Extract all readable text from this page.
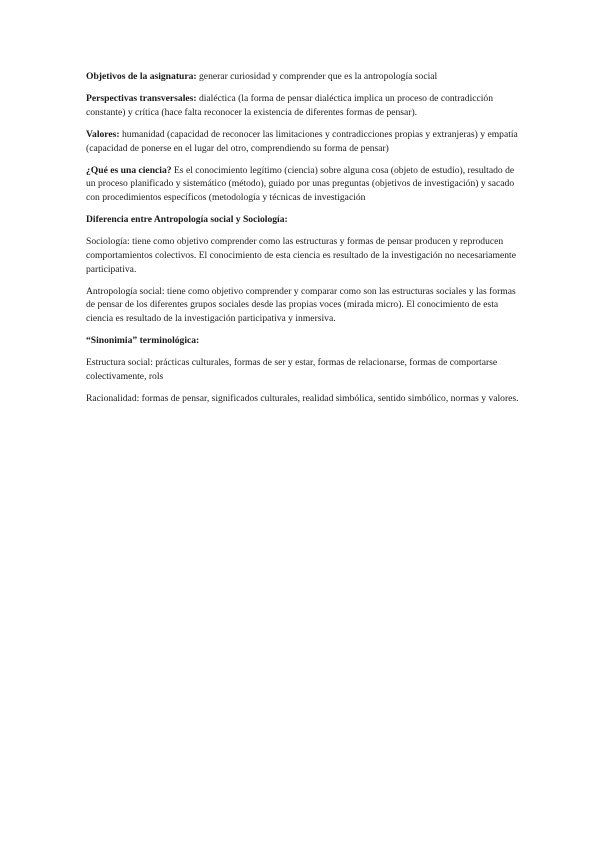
Objetivos de la asignatura: generar curiosidad y comprender que es la antropología social

Perspectivas transversales: dialéctica (la forma de pensar dialéctica implica un proceso de contradicción constante) y crítica (hace falta reconocer la existencia de diferentes formas de pensar).

Valores: humanidad (capacidad de reconocer las limitaciones y contradicciones propias y extranjeras) y empatía (capacidad de ponerse en el lugar del otro, comprendiendo su forma de pensar)

¿Qué es una ciencia? Es el conocimiento legítimo (ciencia) sobre alguna cosa (objeto de estudio), resultado de un proceso planificado y sistemático (método), guiado por unas preguntas (objetivos de investigación) y sacado con procedimientos específicos (metodología y técnicas de investigación

Diferencia entre Antropología social y Sociología:

Sociología: tiene como objetivo comprender como las estructuras y formas de pensar producen y reproducen comportamientos colectivos. El conocimiento de esta ciencia es resultado de la investigación no necesariamente participativa.

Antropología social: tiene como objetivo comprender y comparar como son las estructuras sociales y las formas de pensar de los diferentes grupos sociales desde las propias voces (mirada micro). El conocimiento de esta ciencia es resultado de la investigación participativa y inmersiva.

“Sinonimia” terminológica:

Estructura social: prácticas culturales, formas de ser y estar, formas de relacionarse, formas de comportarse colectivamente, rols

Racionalidad: formas de pensar, significados culturales, realidad simbólica, sentido simbólico, normas y valores.
